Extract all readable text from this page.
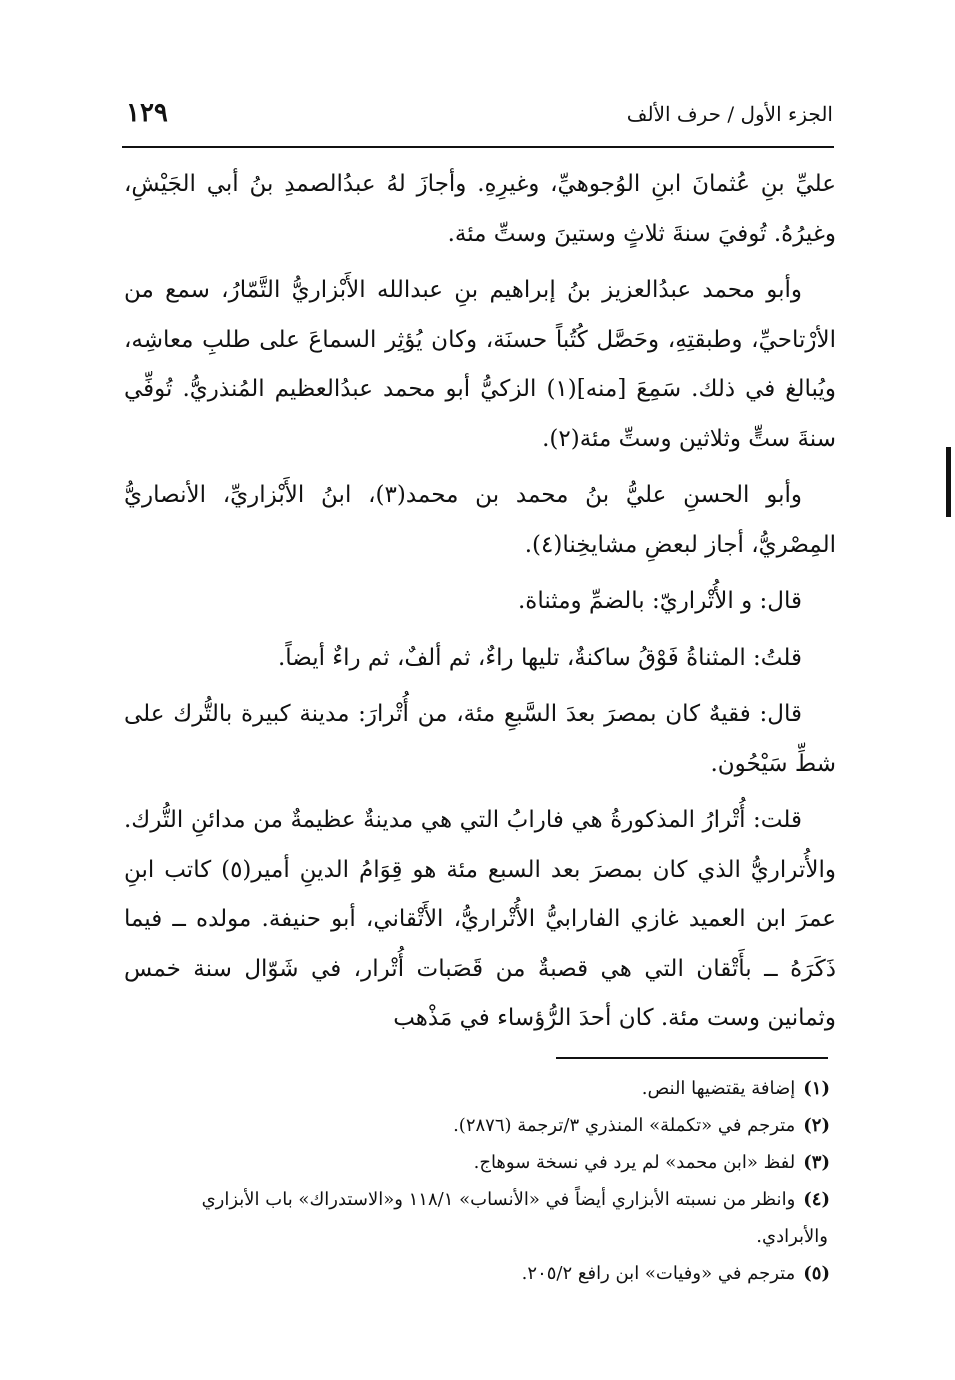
الجزء الأول / حرف الألف
١٢٩

عليِّ بنِ عُثمانَ ابنِ الوُجوهيِّ، وغيرِهِ. وأجازَ لهُ عبدُالصمدِ بنُ أبي الجَيْشِ، وغيرُهُ. تُوفيَ سنةَ ثلاثٍ وستينَ وستِّ مئة.

وأبو محمد عبدُالعزيز بنُ إبراهيم بنِ عبدالله الأَبْزاريُّ التَّمّارُ، سمع من الأرْتاحيِّ، وطبقتِهِ، وحَصَّل كُتُباً حسنَة، وكان يُؤثِر السماعَ على طلبِ معاشِه، ويُبالغ في ذلك. سَمِعَ [منه](١) الزكيُّ أبو محمد عبدُالعظيم المُنذريُّ. تُوفِّي سنةَ ستٍّ وثلاثين وستِّ مئة(٢).

وأبو الحسنِ عليُّ بنُ محمد بن محمد(٣)، ابنُ الأَبْزاريِّ، الأنصاريُّ المِصْريُّ، أجاز لبعضِ مشايخِنا(٤).

قال: و الأُتْراريّ: بالضمِّ ومثناة.

قلتُ: المثناةُ فَوْقُ ساكنةٌ، تليها راءٌ، ثم ألفٌ، ثم راءٌ أيضاً.

قال: فقيهٌ كان بمصرَ بعدَ السَّبعِ مئة، من أُتْرارَ: مدينة كبيرة بالتُّرك على شطِّ سَيْحُون.

قلت: أُتْرارُ المذكورةُ هي فارابُ التي هي مدينةٌ عظيمةٌ من مدائنِ التُّرك. والأُتراريُّ الذي كان بمصرَ بعد السبع مئة هو قِوَامُ الدينِ أمير(٥) كاتب ابنِ عمرَ ابن العميد غازي الفارابيُّ الأُتْراريُّ، الأَتْقاني، أبو حنيفة. مولده ــ فيما ذَكَرَهُ ــ بأَتْقان التي هي قصبةٌ من قَصَبات أُتْرار، في شَوّال سنة خمس وثمانين وست مئة. كان أحدَ الرُّؤساء في مَذْهب

(١)إضافة يقتضيها النص.

(٢)مترجم في «تكملة» المنذري ٣/ترجمة (٢٨٧٦).

(٣)لفظ «ابن محمد» لم يرد في نسخة سوهاج.

(٤)وانظر من نسبته الأبزاري أيضاً في «الأنساب» ١١٨/١ و«الاستدراك» باب الأبزاري

والأبرادي.

(٥)مترجم في «وفيات» ابن رافع ٢٠٥/٢.
